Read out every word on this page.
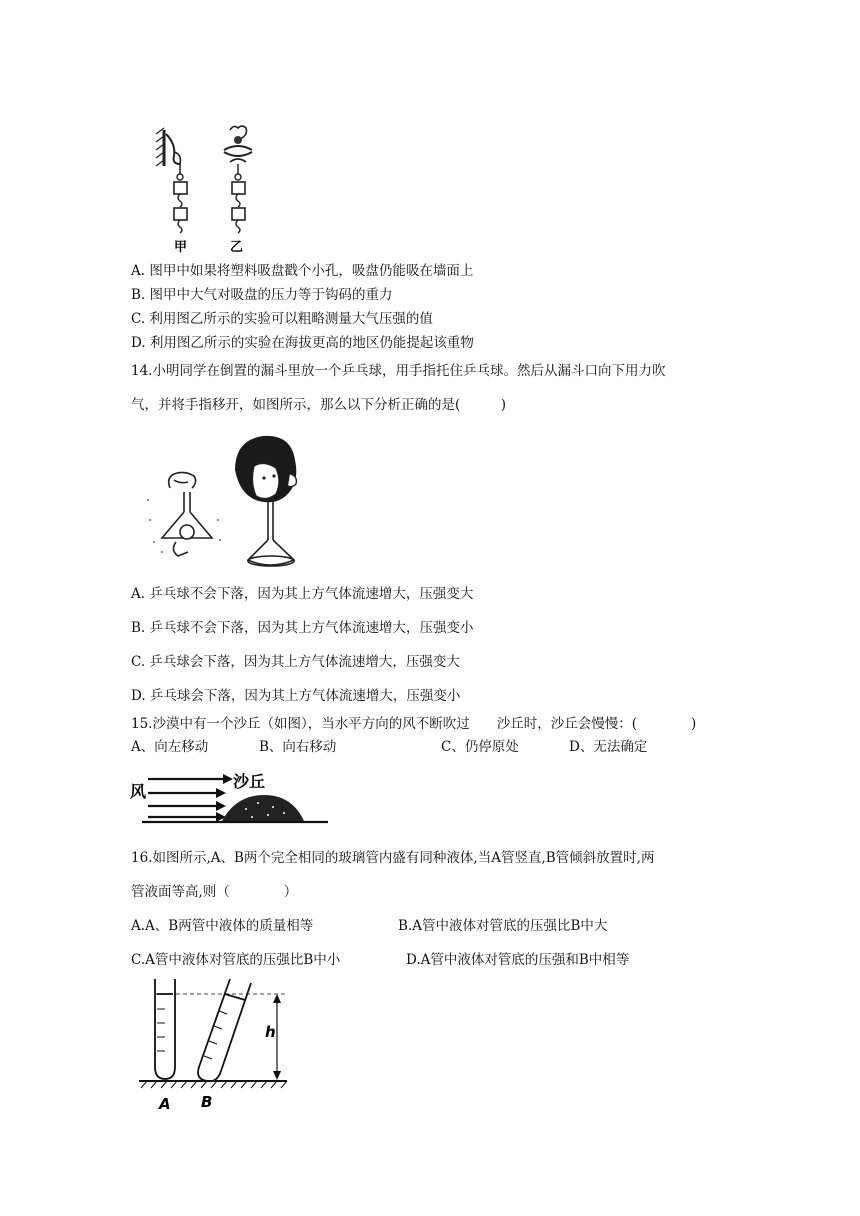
甲	乙
A. 图甲中如果将塑料吸盘戳个小孔，吸盘仍能吸在墙面上
B. 图甲中大气对吸盘的压力等于钩码的重力
C. 利用图乙所示的实验可以粗略测量大气压强的值
D. 利用图乙所示的实验在海拔更高的地区仍能提起该重物
14.小明同学在倒置的漏斗里放一个乒乓球，用手指托住乒乓球。然后从漏斗口向下用力吹
气，并将手指移开，如图所示，那么以下分析正确的是(　　　)
A. 乒乓球不会下落，因为其上方气体流速增大，压强变大
B. 乒乓球不会下落，因为其上方气体流速增大，压强变小
C. 乒乓球会下落，因为其上方气体流速增大，压强变大
D. 乒乓球会下落，因为其上方气体流速增大，压强变小
15.沙漠中有一个沙丘（如图），当水平方向的风不断吹过　　沙丘时，沙丘会慢慢：(　　　　)
A、向左移动	B、向右移动	C、仍停原处	D、无法确定
风
沙丘
16.如图所示,A、B两个完全相同的玻璃管内盛有同种液体,当A管竖直,B管倾斜放置时,两
管液面等高,则（　　　　）
A.A、B两管中液体的质量相等	B.A管中液体对管底的压强比B中大
C.A管中液体对管底的压强比B中小	D.A管中液体对管底的压强和B中相等
h
A B
